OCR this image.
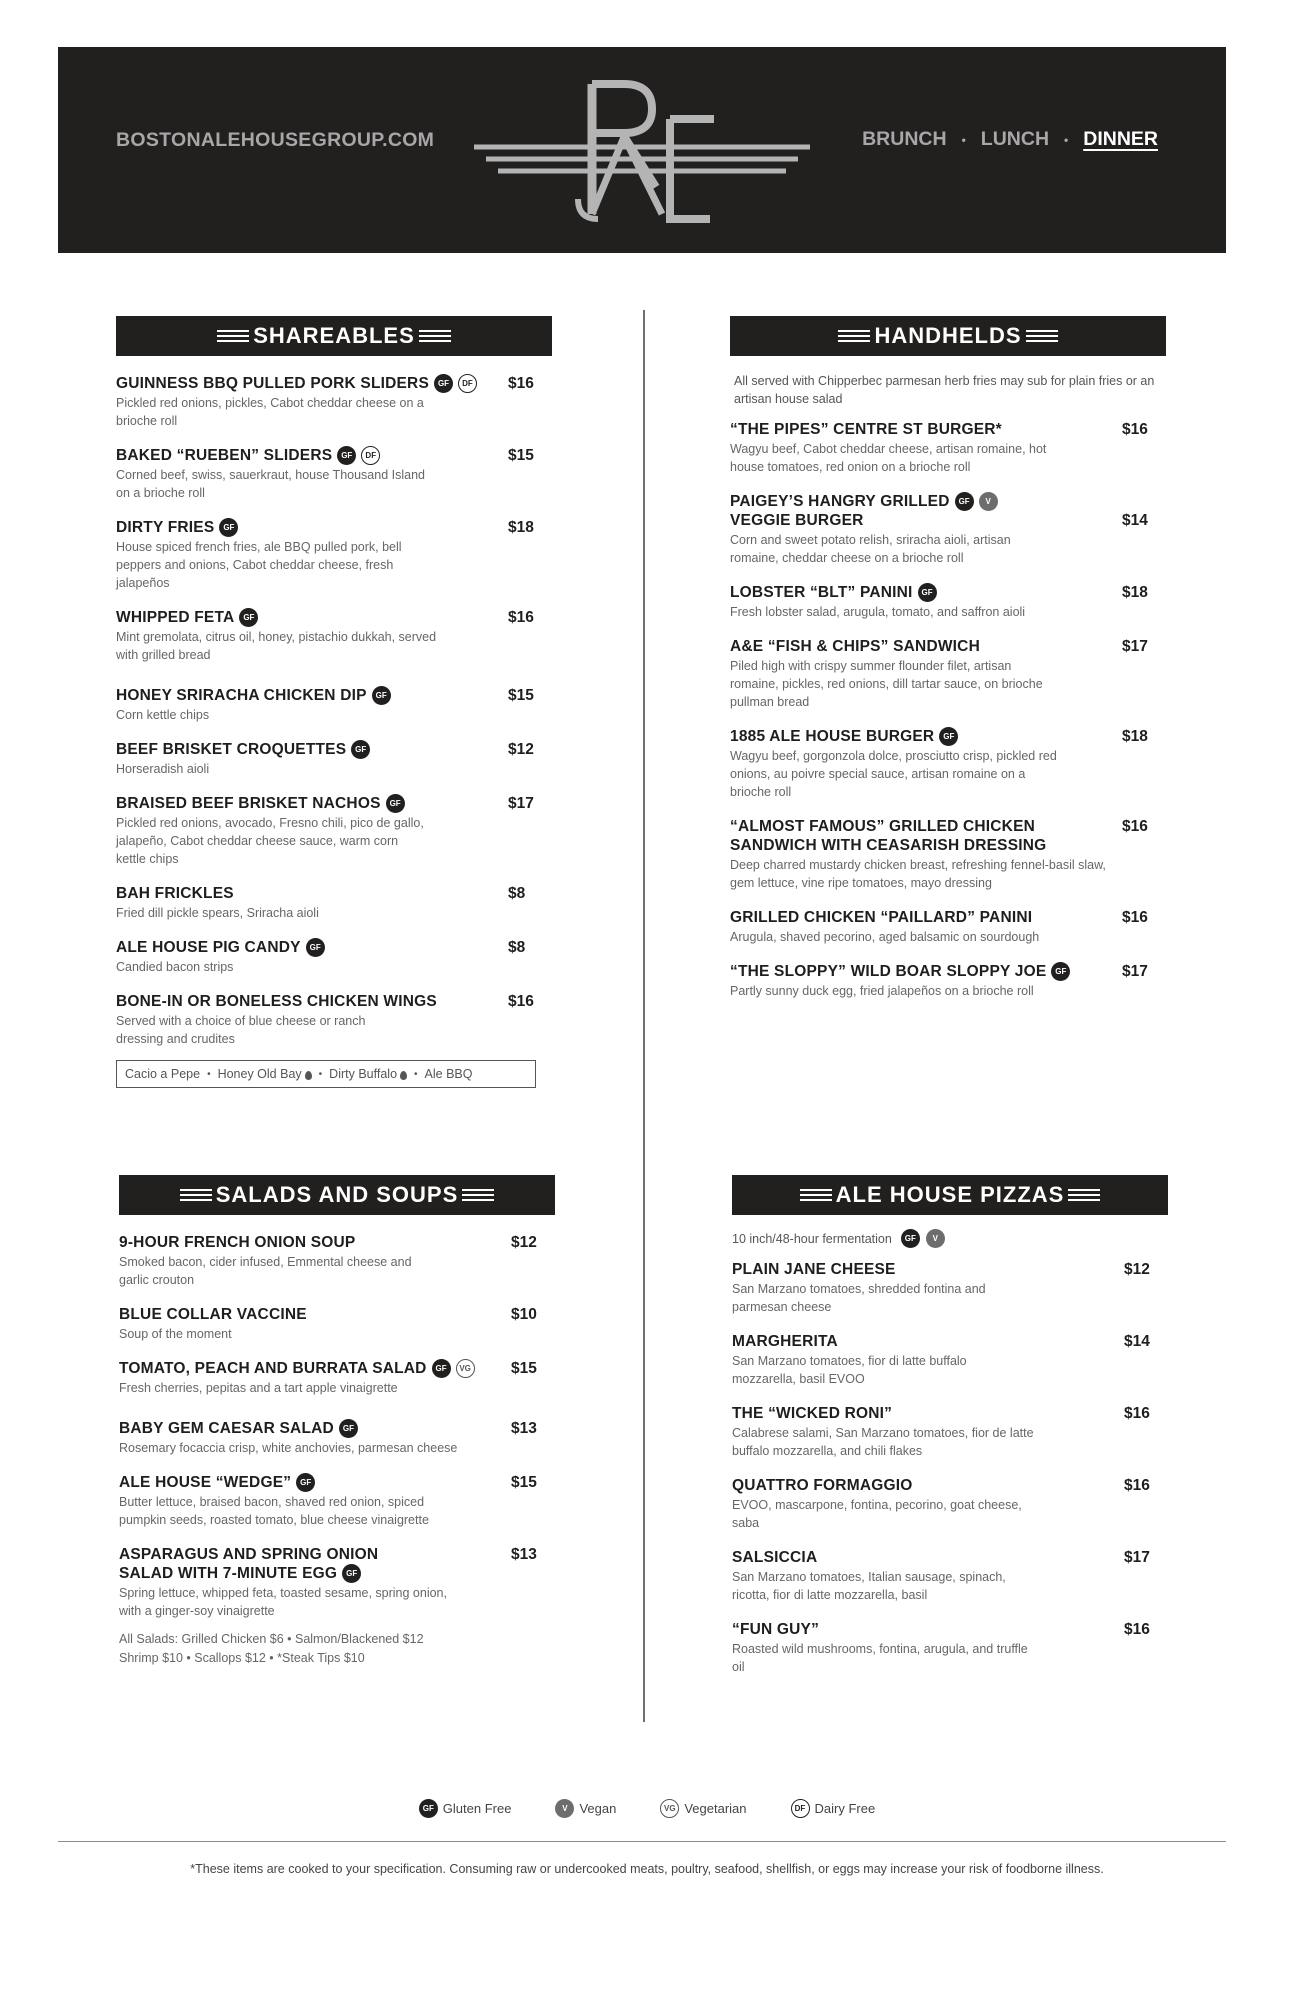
BOSTONALEHOUSEGROUP.COM	BRUNCH • LUNCH • DINNER
SHAREABLES
GUINNESS BBQ PULLED PORK SLIDERS	GF	DF $16
Pickled red onions, pickles, Cabot cheddar cheese on a brioche roll
BAKED “RUEBEN” SLIDERS	GF	DF	$15
Corned beef, swiss, sauerkraut, house Thousand Island on a brioche roll
DIRTY FRIES	GF	$18
House spiced french fries, ale BBQ pulled pork, bell peppers and onions, Cabot cheddar cheese, fresh jalapeños
WHIPPED FETA	GF	$16
Mint gremolata, citrus oil, honey, pistachio dukkah, served with grilled bread
HONEY SRIRACHA CHICKEN DIP	GF	$15
Corn kettle chips
BEEF BRISKET CROQUETTES	GF	$12
Horseradish aioli
BRAISED BEEF BRISKET NACHOS	GF	$17
Pickled red onions, avocado, Fresno chili, pico de gallo, jalapeño, Cabot cheddar cheese sauce, warm corn kettle chips
BAH FRICKLES	$8
Fried dill pickle spears, Sriracha aioli
ALE HOUSE PIG CANDY	GF	$8
Candied bacon strips
BONE-IN OR BONELESS CHICKEN WINGS	$16
Served with a choice of blue cheese or ranch dressing and crudites
Cacio a Pepe • Honey Old Bay • Dirty Buffalo • Ale BBQ
HANDHELDS
All served with Chipperbec parmesan herb fries may sub for plain fries or an artisan house salad
“THE PIPES” CENTRE ST BURGER*	$16
Wagyu beef, Cabot cheddar cheese, artisan romaine, hot house tomatoes, red onion on a brioche roll
PAIGEY’S HANGRY GRILLED	GF	V
VEGGIE BURGER	$14
Corn and sweet potato relish, sriracha aioli, artisan romaine, cheddar cheese on a brioche roll
LOBSTER “BLT” PANINI	GF	$18
Fresh lobster salad, arugula, tomato, and saffron aioli
A&E “FISH & CHIPS” SANDWICH	$17
Piled high with crispy summer flounder filet, artisan romaine, pickles, red onions, dill tartar sauce, on brioche pullman bread
1885 ALE HOUSE BURGER	GF	$18
Wagyu beef, gorgonzola dolce, prosciutto crisp, pickled red onions, au poivre special sauce, artisan romaine on a brioche roll
“ALMOST FAMOUS” GRILLED CHICKEN
SANDWICH WITH CEASARISH DRESSING
$16
Deep charred mustardy chicken breast, refreshing fennel-basil slaw, gem lettuce, vine ripe tomatoes, mayo dressing
GRILLED CHICKEN “PAILLARD” PANINI	$16
Arugula, shaved pecorino, aged balsamic on sourdough
“THE SLOPPY” WILD BOAR SLOPPY JOE	GF	$17
Partly sunny duck egg, fried jalapeños on a brioche roll
SALADS AND SOUPS
9-HOUR FRENCH ONION SOUP	$12
Smoked bacon, cider infused, Emmental cheese and garlic crouton
BLUE COLLAR VACCINE	$10
Soup of the moment
TOMATO, PEACH AND BURRATA SALAD	GF	VG	$15
Fresh cherries, pepitas and a tart apple vinaigrette
BABY GEM CAESAR SALAD	GF	$13
Rosemary focaccia crisp, white anchovies, parmesan cheese
ALE HOUSE “WEDGE”	GF	$15
Butter lettuce, braised bacon, shaved red onion, spiced pumpkin seeds, roasted tomato, blue cheese vinaigrette
ASPARAGUS AND SPRING ONION
SALAD WITH 7-MINUTE EGG	GF
$13
Spring lettuce, whipped feta, toasted sesame, spring onion, with a ginger-soy vinaigrette
All Salads: Grilled Chicken $6 • Salmon/Blackened $12
Shrimp $10 • Scallops $12 • *Steak Tips $10
ALE HOUSE PIZZAS
10 inch/48-hour fermentation	GF	V
PLAIN JANE CHEESE	$12
San Marzano tomatoes, shredded fontina and parmesan cheese
MARGHERITA	$14
San Marzano tomatoes, fior di latte buffalo mozzarella, basil EVOO
THE “WICKED RONI”	$16
Calabrese salami, San Marzano tomatoes, fior de latte buffalo mozzarella, and chili flakes
QUATTRO FORMAGGIO	$16
EVOO, mascarpone, fontina, pecorino, goat cheese, saba
SALSICCIA	$17
San Marzano tomatoes, Italian sausage, spinach, ricotta, fior di latte mozzarella, basil
“FUN GUY”	$16
Roasted wild mushrooms, fontina, arugula, and truffle oil
GF Gluten Free	V Vegan	VG Vegetarian	DF Dairy Free
*These items are cooked to your specification. Consuming raw or undercooked meats, poultry, seafood, shellfish, or eggs may increase your risk of foodborne illness.
